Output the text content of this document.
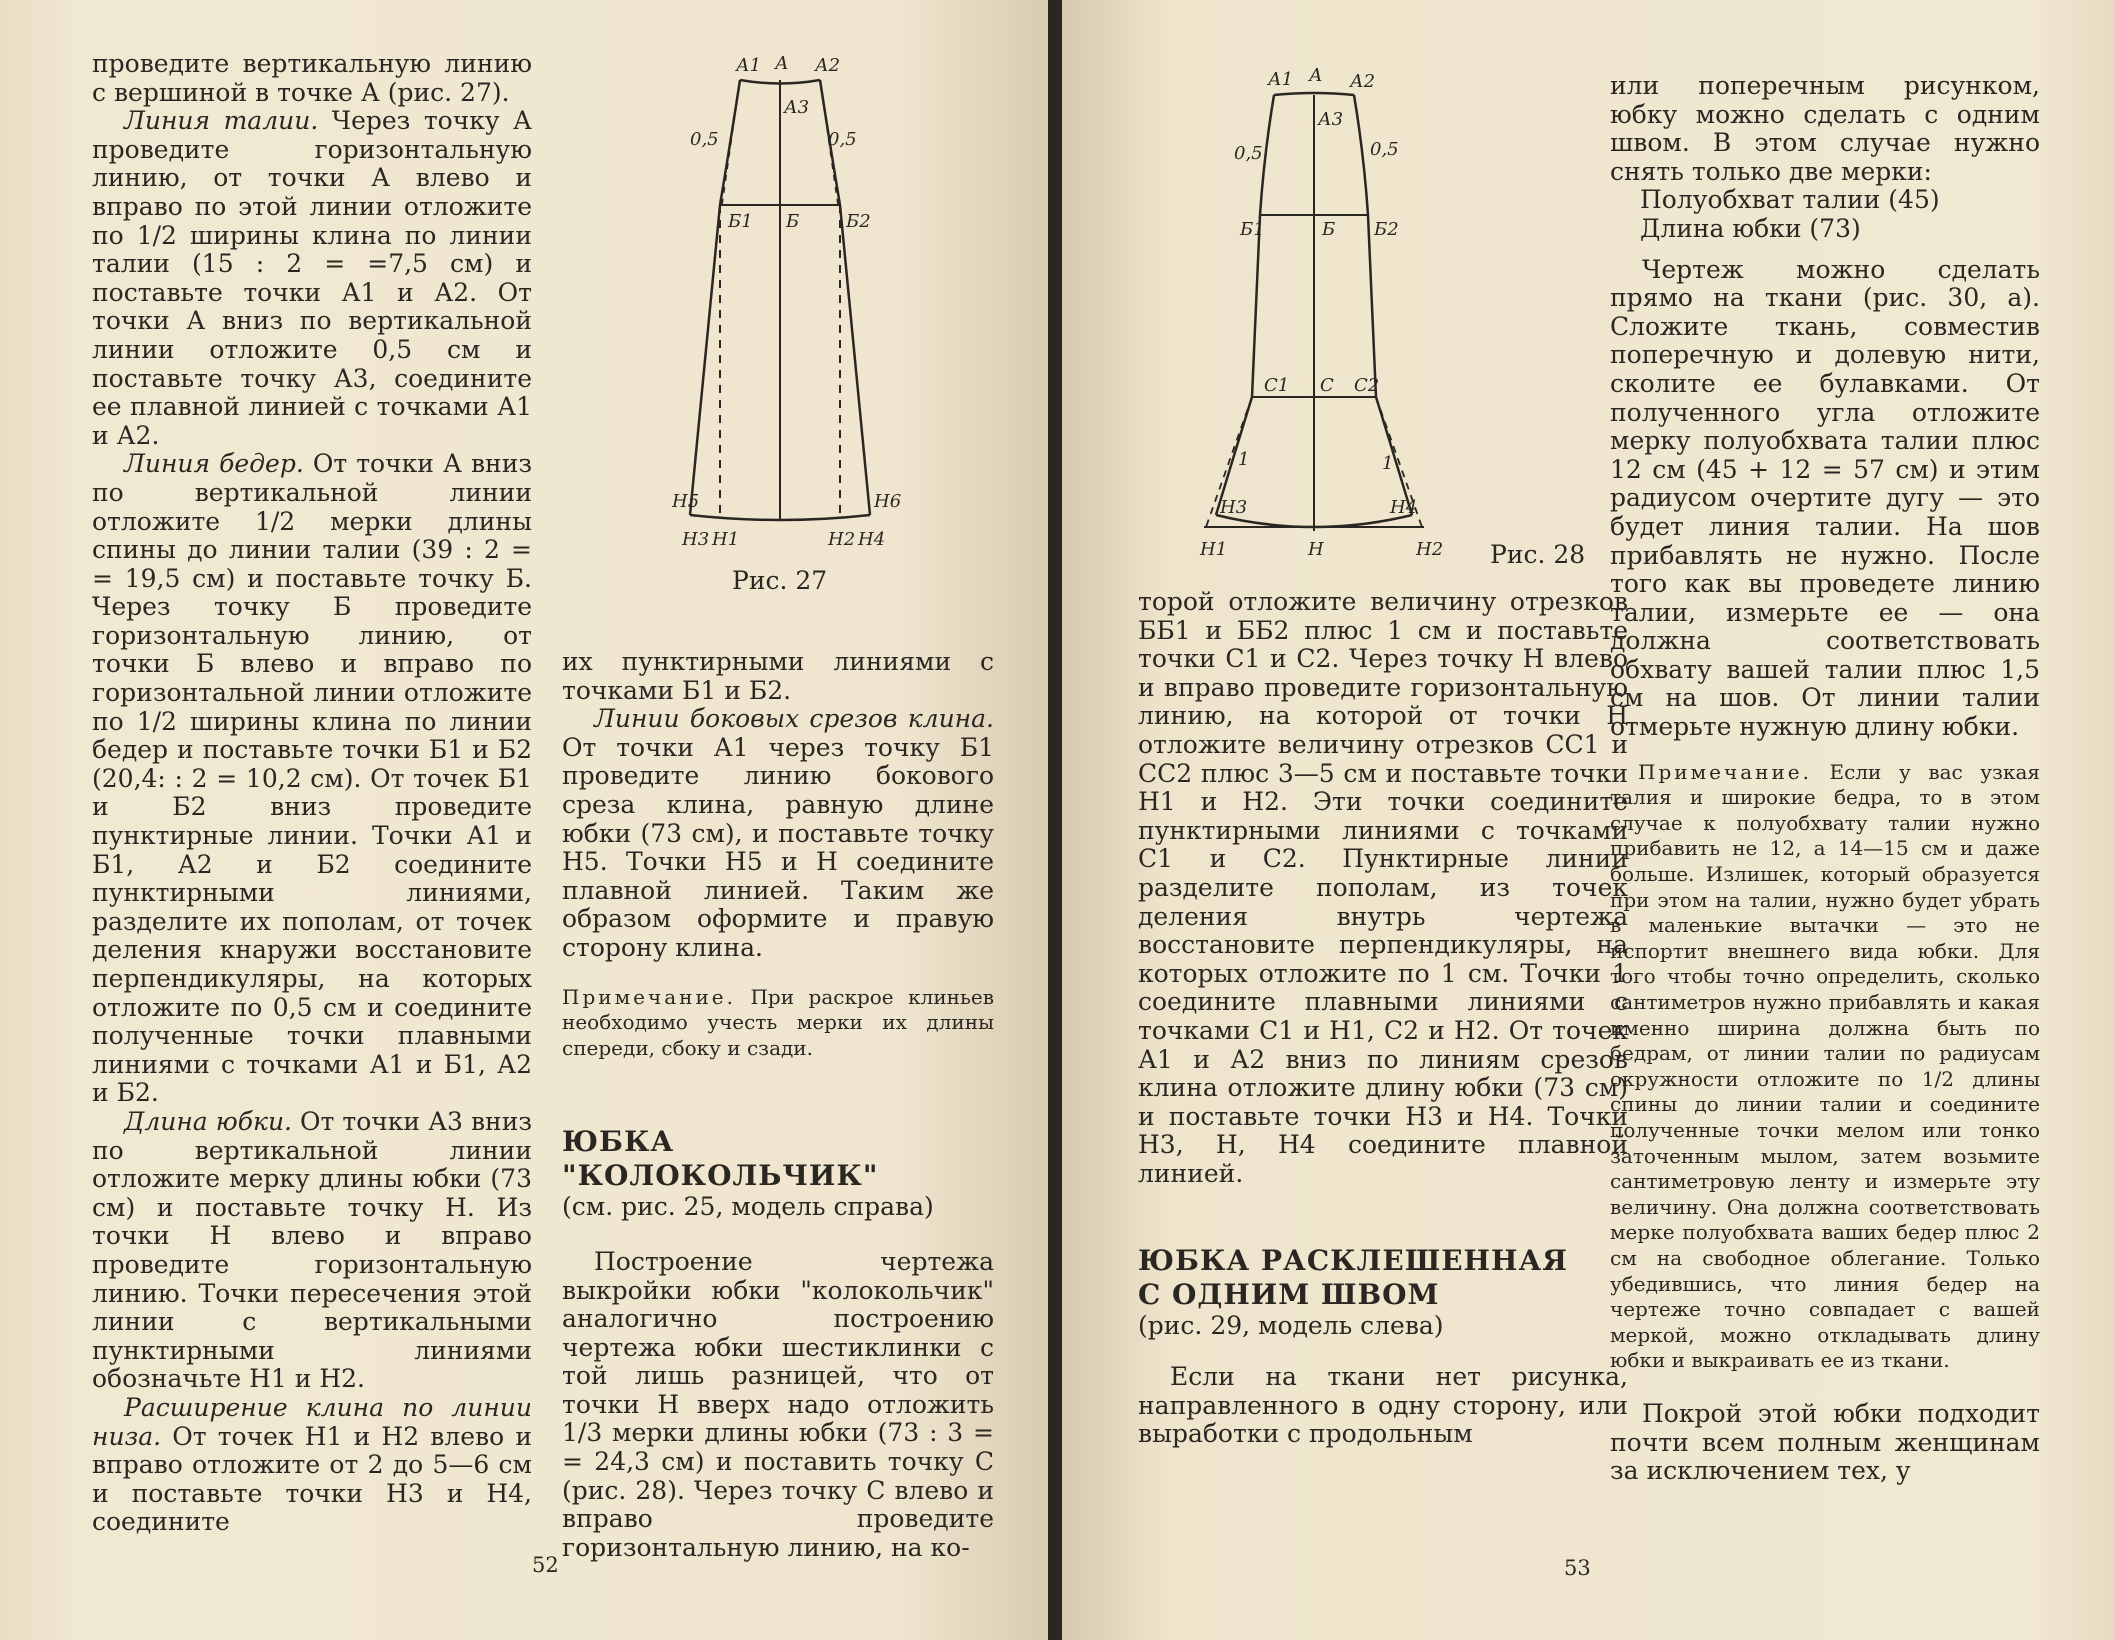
проведите вертикальную линию с вершиной в точке А (рис. 27).

Линия талии. Через точку А проведите горизонтальную линию, от точки А влево и вправо по этой линии отложите по 1/2 ширины клина по линии талии (15 : 2 = =7,5 см) и поставьте точки А1 и А2. От точки А вниз по вертикальной линии отложите 0,5 см и поставьте точку А3, соедините ее плавной линией с точками А1 и А2.

Линия бедер. От точки А вниз по вертикальной линии отложите 1/2 мерки длины спины до линии талии (39 : 2 = = 19,5 см) и поставьте точку Б. Через точку Б проведите горизонтальную линию, от точки Б влево и вправо по горизонтальной линии отложите по 1/2 ширины клина по линии бедер и поставьте точки Б1 и Б2 (20,4: : 2 = 10,2 см). От точек Б1 и Б2 вниз проведите пунктирные линии. Точки А1 и Б1, А2 и Б2 соедините пунктирными линиями, разделите их пополам, от точек деления кнаружи восстановите перпендикуляры, на которых отложите по 0,5 см и соедините полученные точки плавными линиями с точками А1 и Б1, А2 и Б2.

Длина юбки. От точки А3 вниз по вертикальной линии отложите мерку длины юбки (73 см) и поставьте точку Н. Из точки Н влево и вправо проведите горизонтальную линию. Точки пересечения этой линии с вертикальными пунктирными линиями обозначьте Н1 и Н2.

Расширение клина по линии низа. От точек Н1 и Н2 влево и вправо отложите от 2 до 5—6 см и поставьте точки Н3 и Н4, соедините

А1 А А2
А3
0,5	0,5
Б1 Б	Б2
Н5	Н6
Н3 Н1	Н2 Н4
Рис. 27

их пунктирными линиями с точками Б1 и Б2.

Линии боковых срезов клина. От точки А1 через точку Б1 проведите линию бокового среза клина, равную длине юбки (73 см), и поставьте точку Н5. Точки Н5 и Н соедините плавной линией. Таким же образом оформите и правую сторону клина.

Примечание. При раскрое клиньев необходимо учесть мерки их длины спереди, сбоку и сзади.

ЮБКА "КОЛОКОЛЬЧИК"

(см. рис. 25, модель справа)

Построение чертежа выкройки юбки "колокольчик" аналогично построению чертежа юбки шестиклинки с той лишь разницей, что от точки Н вверх надо отложить 1/3 мерки длины юбки (73 : 3 = = 24,3 см) и поставить точку С (рис. 28). Через точку С влево и вправо проведите горизонтальную линию, на ко-

52
А1 А А2
А3
0,5	0,5
Б1	Б Б2
С1 С С2
1	1
Н3	Н4
Н1	Н	Н2 Рис. 28

торой отложите величину отрезков ББ1 и ББ2 плюс 1 см и поставьте точки С1 и С2. Через точку Н влево и вправо проведите горизонтальную линию, на которой от точки Н отложите величину отрезков СС1 и СС2 плюс 3—5 см и поставьте точки Н1 и Н2. Эти точки соедините пунктирными линиями с точками С1 и С2. Пунктирные линии разделите пополам, из точек деления внутрь чертежа восстановите перпендикуляры, на которых отложите по 1 см. Точки 1 соедините плавными линиями с точками С1 и Н1, С2 и Н2. От точек А1 и А2 вниз по линиям срезов клина отложите длину юбки (73 см) и поставьте точки Н3 и Н4. Точки Н3, Н, Н4 соедините плавной линией.

ЮБКА РАСКЛЕШЕННАЯ

С ОДНИМ ШВОМ

(рис. 29, модель слева)

Если на ткани нет рисунка, направленного в одну сторону, или выработки с продольным

или поперечным рисунком, юбку можно сделать с одним швом. В этом случае нужно снять только две мерки:

Полуобхват талии (45)

Длина юбки (73)

Чертеж можно сделать прямо на ткани (рис. 30, а). Сложите ткань, совместив поперечную и долевую нити, сколите ее булавками. От полученного угла отложите мерку полуобхвата талии плюс 12 см (45 + 12 = 57 см) и этим радиусом очертите дугу — это будет линия талии. На шов прибавлять не нужно. После того как вы проведете линию талии, измерьте ее — она должна соответствовать обхвату вашей талии плюс 1,5 см на шов. От линии талии отмерьте нужную длину юбки.

Примечание. Если у вас узкая талия и широкие бедра, то в этом случае к полуобхвату талии нужно прибавить не 12, а 14—15 см и даже больше. Излишек, который образуется при этом на талии, нужно будет убрать в маленькие вытачки — это не испортит внешнего вида юбки. Для того чтобы точно определить, сколько сантиметров нужно прибавлять и какая именно ширина должна быть по бедрам, от линии талии по радиусам окружности отложите по 1/2 длины спины до линии талии и соедините полученные точки мелом или тонко заточенным мылом, затем возьмите сантиметровую ленту и измерьте эту величину. Она должна соответствовать мерке полуобхвата ваших бедер плюс 2 см на свободное облегание. Только убедившись, что линия бедер на чертеже точно совпадает с вашей меркой, можно откладывать длину юбки и выкраивать ее из ткани.

Покрой этой юбки подходит почти всем полным женщинам за исключением тех, у

53
